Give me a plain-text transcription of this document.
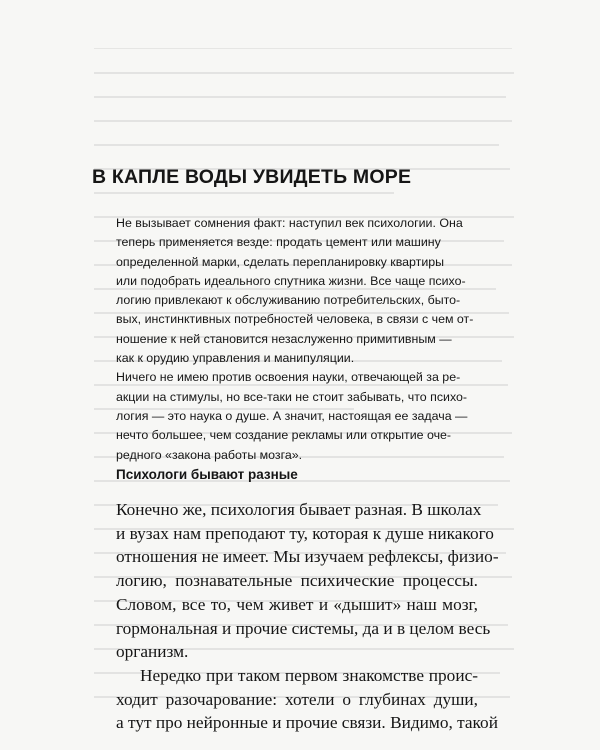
В КАПЛЕ ВОДЫ УВИДЕТЬ МОРЕ

Не вызывает сомнения факт: наступил век психологии. Она
теперь применяется везде: продать цемент или машину
определенной марки, сделать перепланировку квартиры
или подобрать идеального спутника жизни. Все чаще психо-
логию привлекают к обслуживанию потребительских, быто-
вых, инстинктивных потребностей человека, в связи с чем от-
ношение к ней становится незаслуженно примитивным —
как к орудию управления и манипуляции.

Ничего не имею против освоения науки, отвечающей за ре-
акции на стимулы, но все-таки не стоит забывать, что психо-
логия — это наука о душе. А значит, настоящая ее задача —
нечто большее, чем создание рекламы или открытие оче-
редного «закона работы мозга».

Психологи бывают разные

Конечно же, психология бывает разная. В школах
и вузах нам преподают ту, которая к душе никакого
отношения не имеет. Мы изучаем рефлексы, физио-
логию, познавательные психические процессы.
Словом, все то, чем живет и «дышит» наш мозг,
гормональная и прочие системы, да и в целом весь
организм.

Нередко при таком первом знакомстве проис-
ходит разочарование: хотели о глубинах души,
а тут про нейронные и прочие связи. Видимо, такой
